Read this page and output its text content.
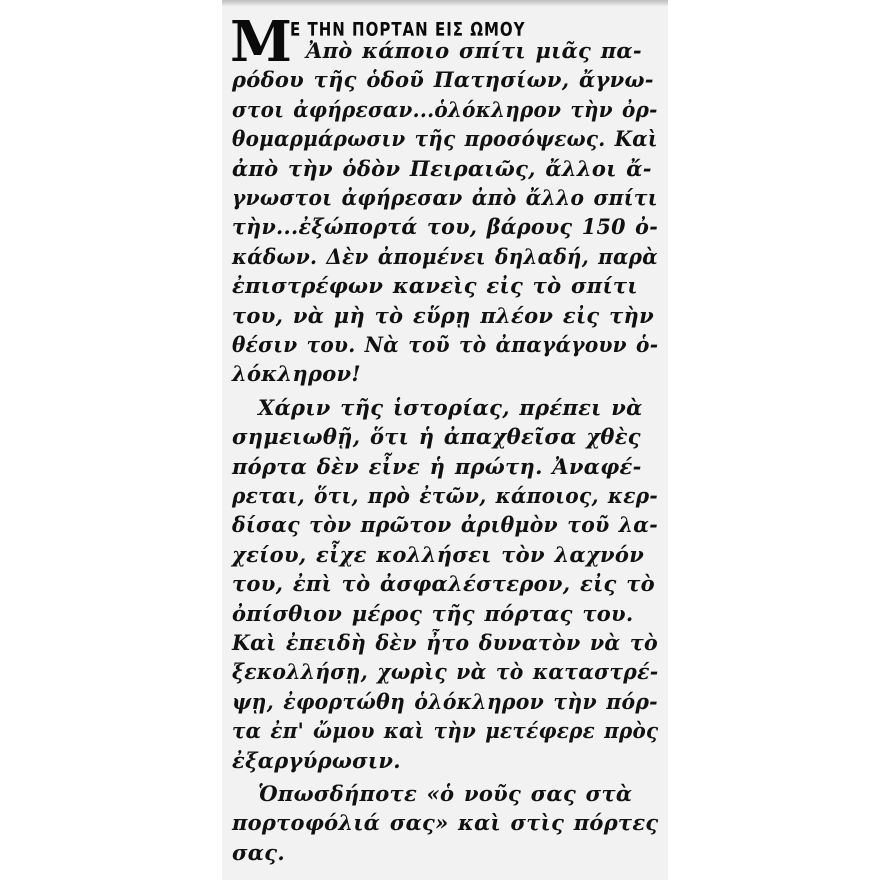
Μ Ε ΤΗΝ ΠΟΡΤΑΝ ΕΙΣ ΩΜΟΥ
Ἀπὸ κάποιο σπίτι μιᾶς πα-
ρόδου τῆς ὁδοῦ Πατησίων, ἄγνω-
στοι ἀφήρεσαν...ὁλόκληρον τὴν ὀρ-
θομαρμάρωσιν τῆς προσόψεως. Καὶ
ἀπὸ τὴν ὁδὸν Πειραιῶς, ἄλλοι ἄ-
γνωστοι ἀφήρεσαν ἀπὸ ἄλλο σπίτι
τὴν...ἐξώπορτά του, βάρους 150 ὀ-
κάδων. Δὲν ἀπομένει δηλαδή, παρὰ
ἐπιστρέφων κανεὶς εἰς τὸ σπίτι
του, νὰ μὴ τὸ εὕρῃ πλέον εἰς τὴν
θέσιν του. Νὰ τοῦ τὸ ἀπαγάγουν ὁ-
λόκληρον!
Χάριν τῆς ἱστορίας, πρέπει νὰ
σημειωθῇ, ὅτι ἡ ἀπαχθεῖσα χθὲς
πόρτα δὲν εἶνε ἡ πρώτη. Ἀναφέ-
ρεται, ὅτι, πρὸ ἐτῶν, κάποιος, κερ-
δίσας τὸν πρῶτον ἀριθμὸν τοῦ λα-
χείου, εἶχε κολλήσει τὸν λαχνόν
του, ἐπὶ τὸ ἀσφαλέστερον, εἰς τὸ
ὀπίσθιον μέρος τῆς πόρτας του.
Καὶ ἐπειδὴ δὲν ἦτο δυνατὸν νὰ τὸ
ξεκολλήσῃ, χωρὶς νὰ τὸ καταστρέ-
ψῃ, ἐφορτώθη ὁλόκληρον τὴν πόρ-
τα ἐπ' ὤμου καὶ τὴν μετέφερε πρὸς
ἐξαργύρωσιν.
Ὁπωσδήποτε «ὁ νοῦς σας στὰ
πορτοφόλιά σας» καὶ στὶς πόρτες
σας.
